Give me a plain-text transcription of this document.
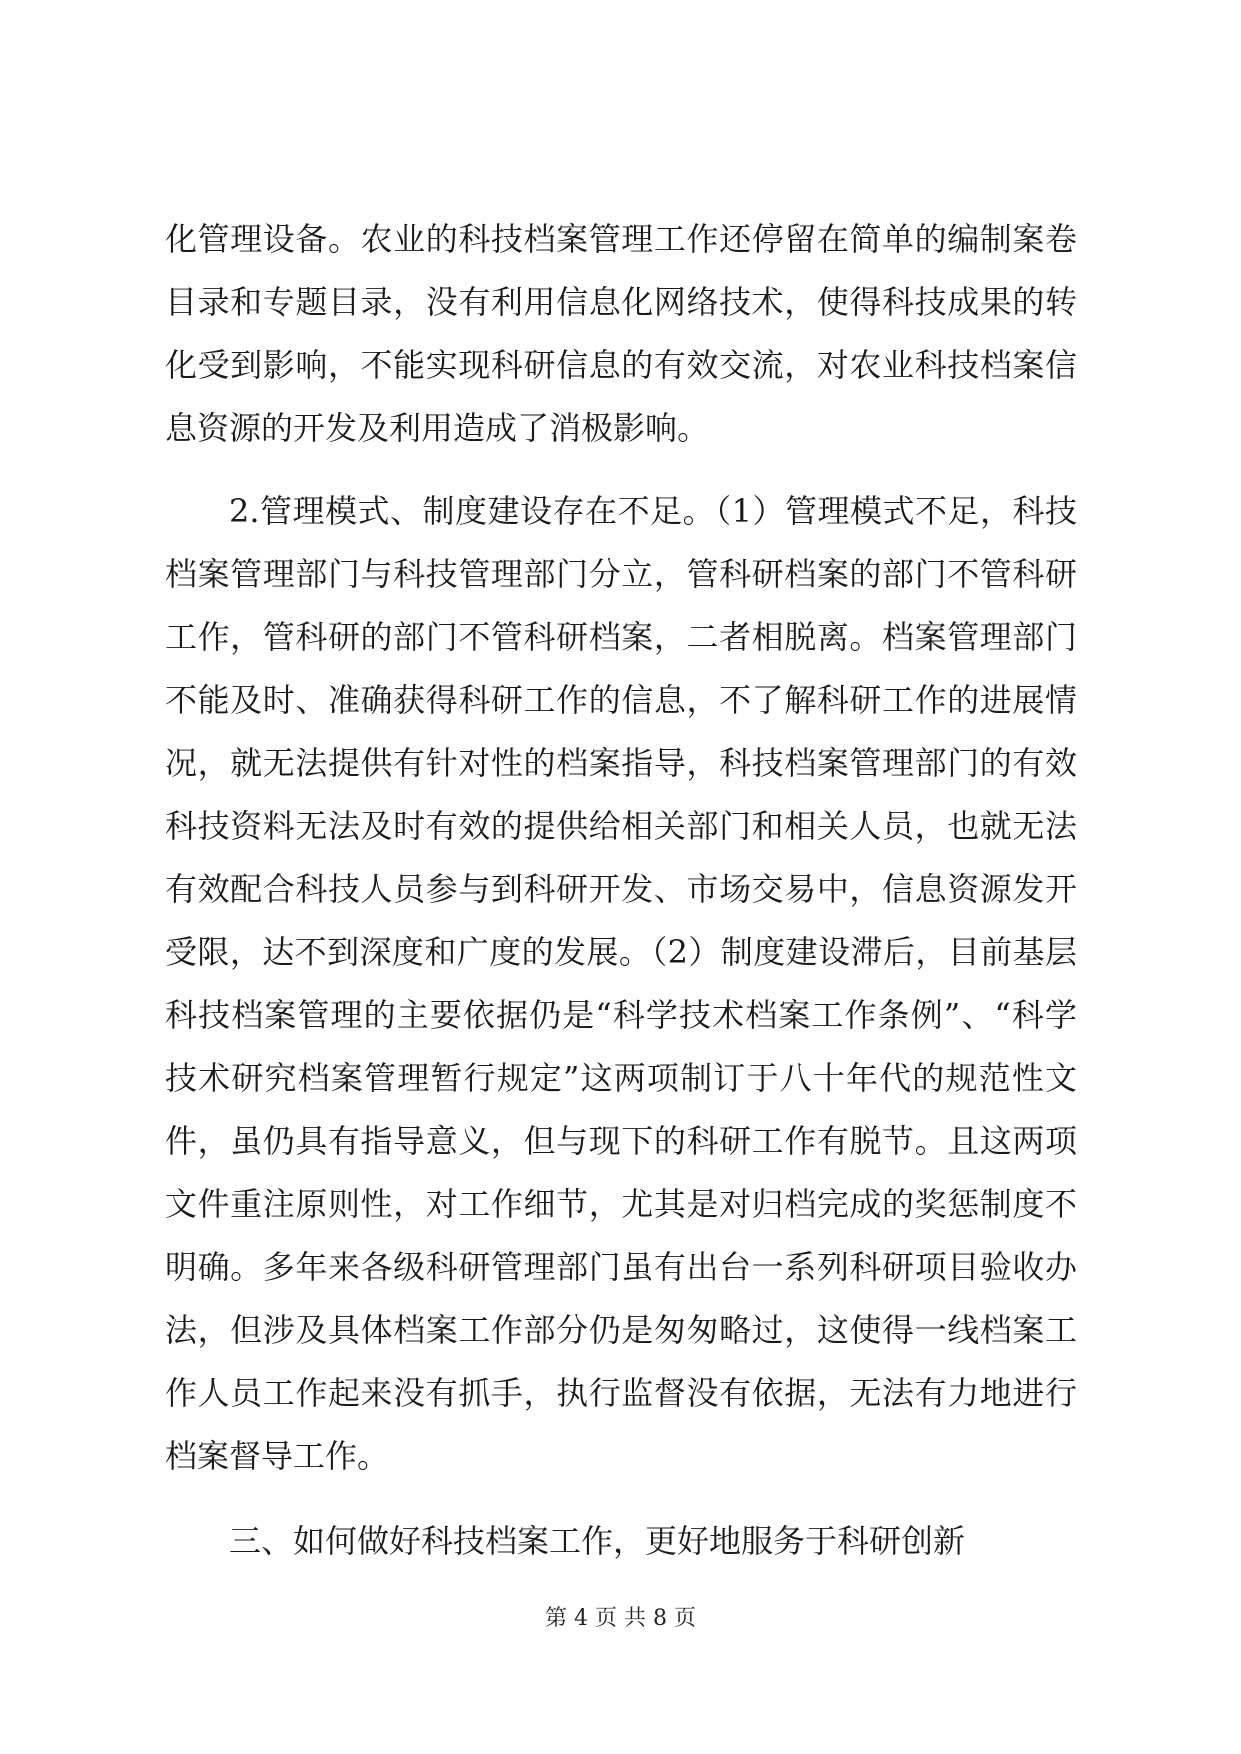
化管理设备。农业的科技档案管理工作还停留在简单的编制案卷目录和专题目录，没有利用信息化网络技术，使得科技成果的转化受到影响，不能实现科研信息的有效交流，对农业科技档案信息资源的开发及利用造成了消极影响。

2.管理模式、制度建设存在不足。（1）管理模式不足，科技档案管理部门与科技管理部门分立，管科研档案的部门不管科研工作，管科研的部门不管科研档案，二者相脱离。档案管理部门不能及时、准确获得科研工作的信息，不了解科研工作的进展情况，就无法提供有针对性的档案指导，科技档案管理部门的有效科技资料无法及时有效的提供给相关部门和相关人员，也就无法有效配合科技人员参与到科研开发、市场交易中，信息资源发开受限，达不到深度和广度的发展。（2）制度建设滞后，目前基层科技档案管理的主要依据仍是“科学技术档案工作条例”、“科学技术研究档案管理暂行规定”这两项制订于八十年代的规范性文件，虽仍具有指导意义，但与现下的科研工作有脱节。且这两项文件重注原则性，对工作细节，尤其是对归档完成的奖惩制度不明确。多年来各级科研管理部门虽有出台一系列科研项目验收办法，但涉及具体档案工作部分仍是匆匆略过，这使得一线档案工作人员工作起来没有抓手，执行监督没有依据，无法有力地进行档案督导工作。

三、如何做好科技档案工作，更好地服务于科研创新

第 4 页 共 8 页
